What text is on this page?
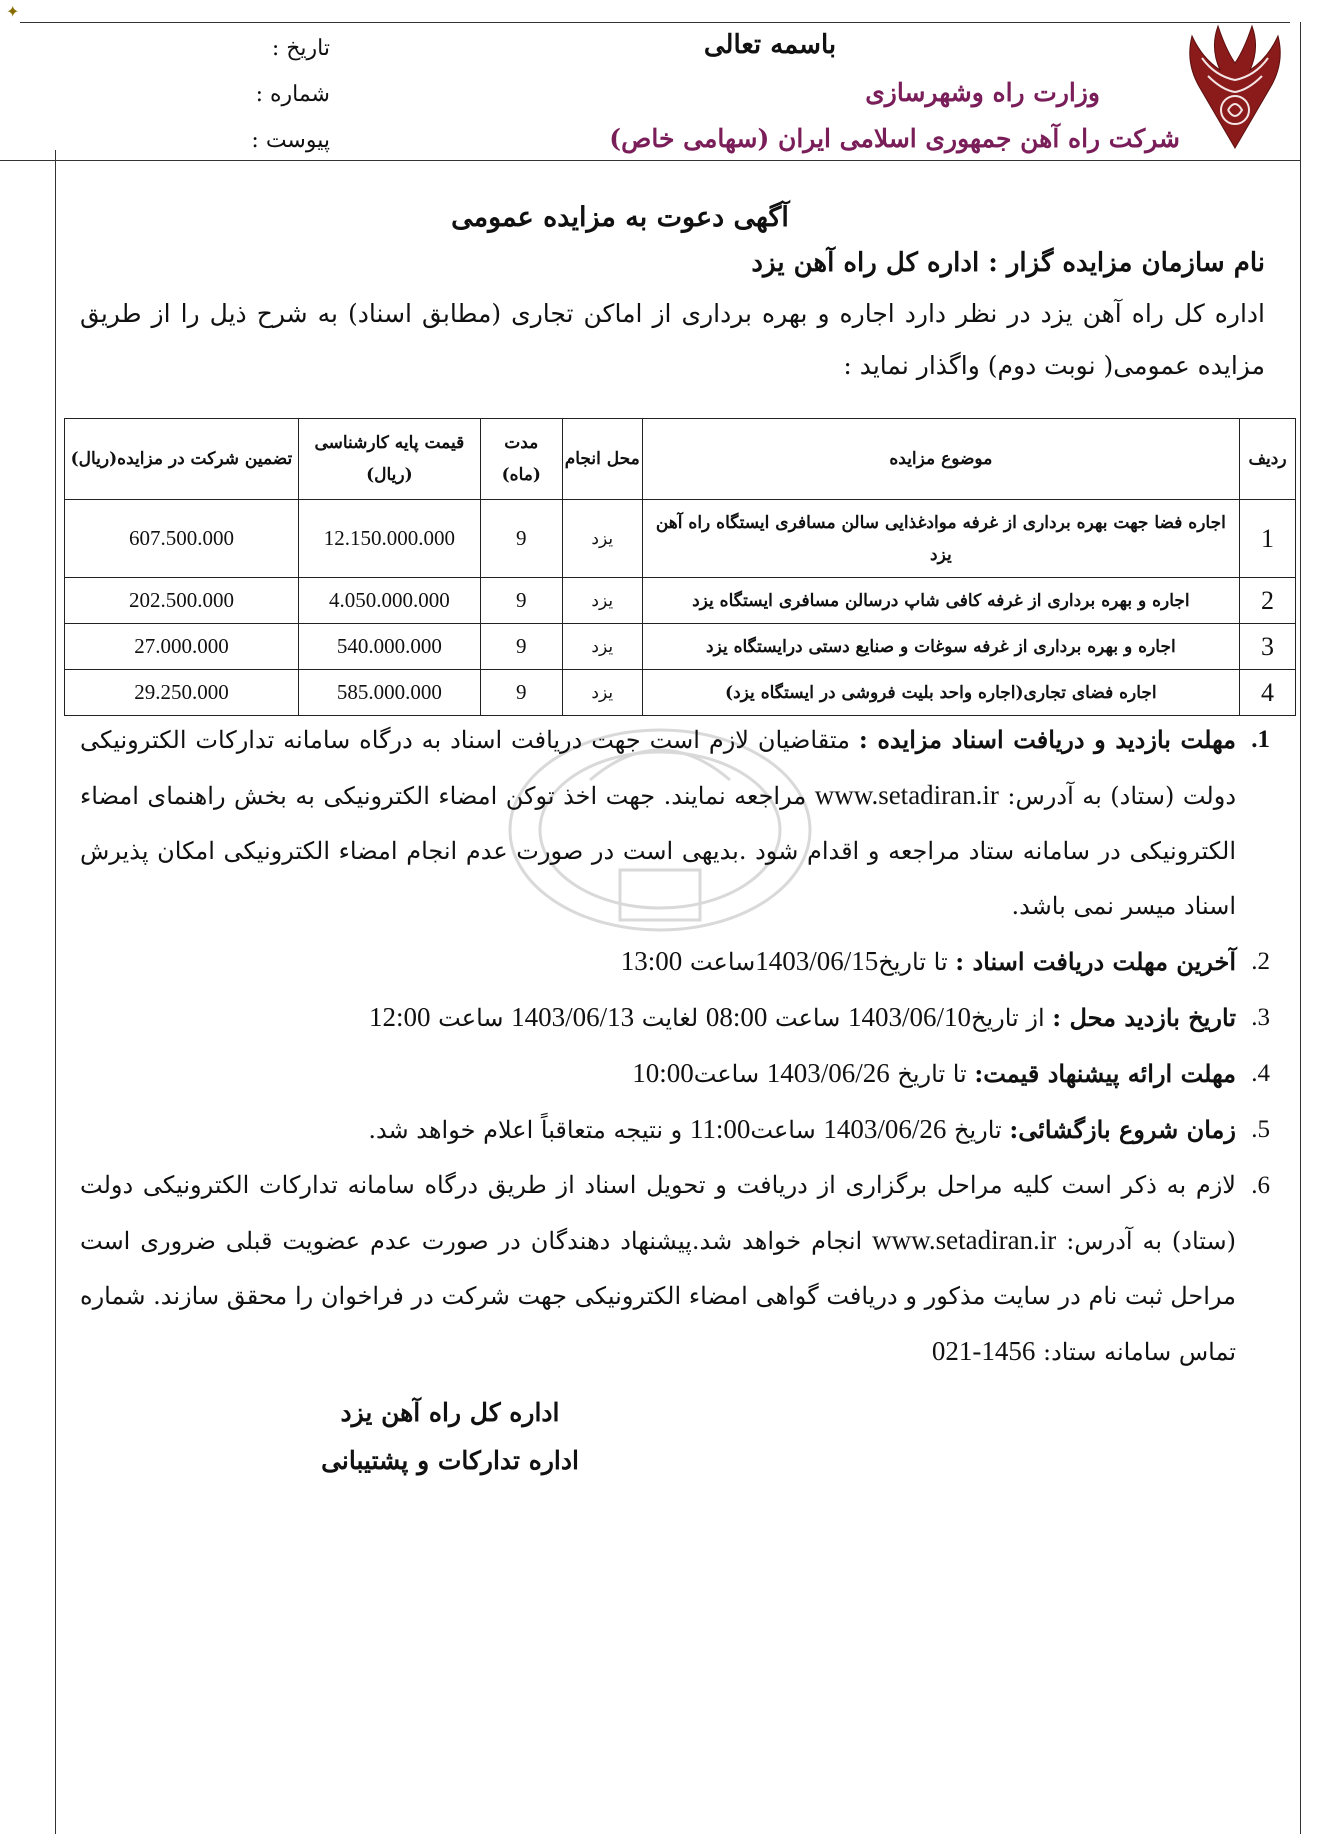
✦
باسمه تعالی
وزارت راه وشهرسازی
شرکت راه آهن جمهوری اسلامی ایران (سهامی خاص)
تاریخ :
شماره :
پیوست :
آگهی دعوت به مزایده عمومی
نام سازمان مزایده گزار : اداره کل راه آهن یزد
اداره کل راه آهن یزد در نظر دارد اجاره و بهره برداری از اماکن تجاری (مطابق اسناد) به شرح ذیل را از طریق مزایده عمومی( نوبت دوم) واگذار نماید :
ردیف	موضوع مزایده	محل انجام	مدت (ماه)	قیمت پایه کارشناسی (ریال)	تضمین شرکت در مزایده(ریال)
1	اجاره فضا جهت بهره برداری از غرفه موادغذایی سالن مسافری ایستگاه راه آهن یزد	یزد	9	12.150.000.000	607.500.000
2	اجاره و بهره برداری از غرفه کافی شاپ درسالن مسافری ایستگاه یزد	یزد	9	4.050.000.000	202.500.000
3	اجاره و بهره برداری از غرفه سوغات و صنایع دستی درایستگاه یزد	یزد	9	540.000.000	27.000.000
4	اجاره فضای تجاری(اجاره واحد بلیت فروشی در ایستگاه یزد)	یزد	9	585.000.000	29.250.000
1.
مهلت بازدید و دریافت اسناد مزایده : متقاضیان لازم است جهت دریافت اسناد به درگاه سامانه تدارکات الکترونیکی دولت (ستاد) به آدرس: www.setadiran.ir مراجعه نمایند. جهت اخذ توکن امضاء الکترونیکی به بخش راهنمای امضاء الکترونیکی در سامانه ستاد مراجعه و اقدام شود .بدیهی است در صورت عدم انجام امضاء الکترونیکی امکان پذیرش اسناد میسر نمی باشد.
2.
آخرین مهلت دریافت اسناد : تا تاریخ1403/06/15ساعت 13:00
3.
تاریخ بازدید محل : از تاریخ1403/06/10 ساعت 08:00 لغایت 1403/06/13 ساعت 12:00
4.
مهلت ارائه پیشنهاد قیمت: تا تاریخ 1403/06/26 ساعت10:00
5.
زمان شروع بازگشائی: تاریخ 1403/06/26 ساعت11:00 و نتیجه متعاقباً اعلام خواهد شد.
6.
لازم به ذکر است کلیه مراحل برگزاری از دریافت و تحویل اسناد از طریق درگاه سامانه تدارکات الکترونیکی دولت (ستاد) به آدرس: www.setadiran.ir انجام خواهد شد.پیشنهاد دهندگان در صورت عدم عضویت قبلی ضروری است مراحل ثبت نام در سایت مذکور و دریافت گواهی امضاء الکترونیکی جهت شرکت در فراخوان را محقق سازند. شماره تماس سامانه ستاد: 021-1456
اداره کل راه آهن یزد
اداره تدارکات و پشتیبانی
